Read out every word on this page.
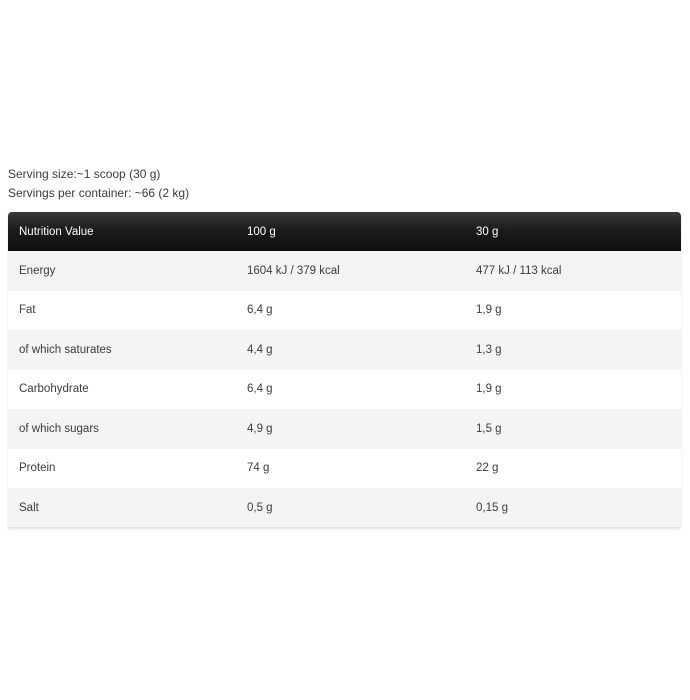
Serving size:~1 scoop (30 g)
Servings per container: ~66 (2 kg)
Nutrition Value	100 g	30 g
Energy	1604 kJ / 379 kcal	477 kJ / 113 kcal
Fat	6,4 g	1,9 g
of which saturates	4,4 g	1,3 g
Carbohydrate	6,4 g	1,9 g
of which sugars	4,9 g	1,5 g
Protein	74 g	22 g
Salt	0,5 g	0,15 g
